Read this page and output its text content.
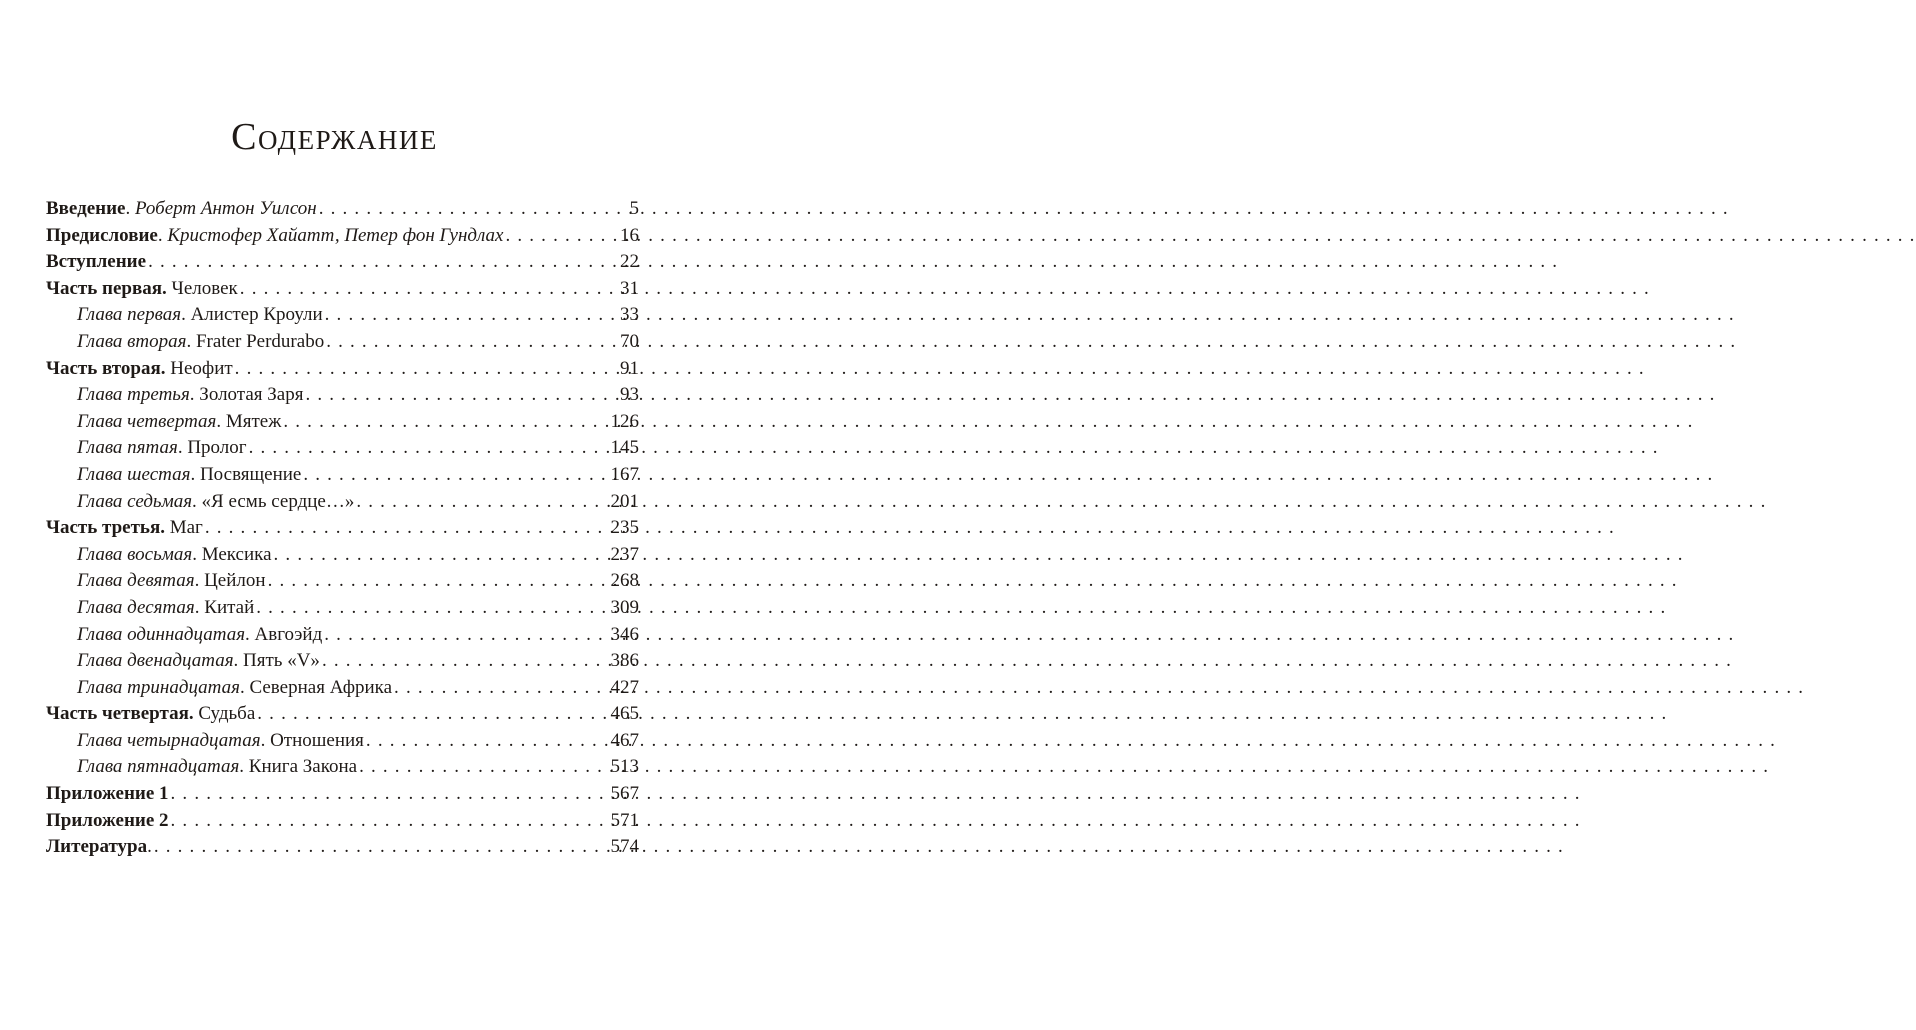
Содержание
Введение. Роберт Антон Уилсон . . .	5
Предисловие. Кристофер Хайатт, Петер фон Гундлах . . .	16
Вступление . . .	22
Часть первая. Человек . . .	31
Глава первая. Алистер Кроули . . .	33
Глава вторая. Frater Perdurabo . . .	70
Часть вторая. Неофит . . .	91
Глава третья. Золотая Заря . . .	93
Глава четвертая. Мятеж . . .	126
Глава пятая. Пролог . . .	145
Глава шестая. Посвящение . . .	167
Глава седьмая. «Я есмь сердце…» . . .	201
Часть третья. Маг . . .	235
Глава восьмая. Мексика . . .	237
Глава девятая. Цейлон . . .	268
Глава десятая. Китай . . .	309
Глава одиннадцатая. Авгоэйд . . .	346
Глава двенадцатая. Пять «V» . . .	386
Глава тринадцатая. Северная Африка . . .	427
Часть четвертая. Судьба . . .	465
Глава четырнадцатая. Отношения . . .	467
Глава пятнадцатая. Книга Закона . . .	513
Приложение 1 . . .	567
Приложение 2 . . .	571
Литература. . . .	574
